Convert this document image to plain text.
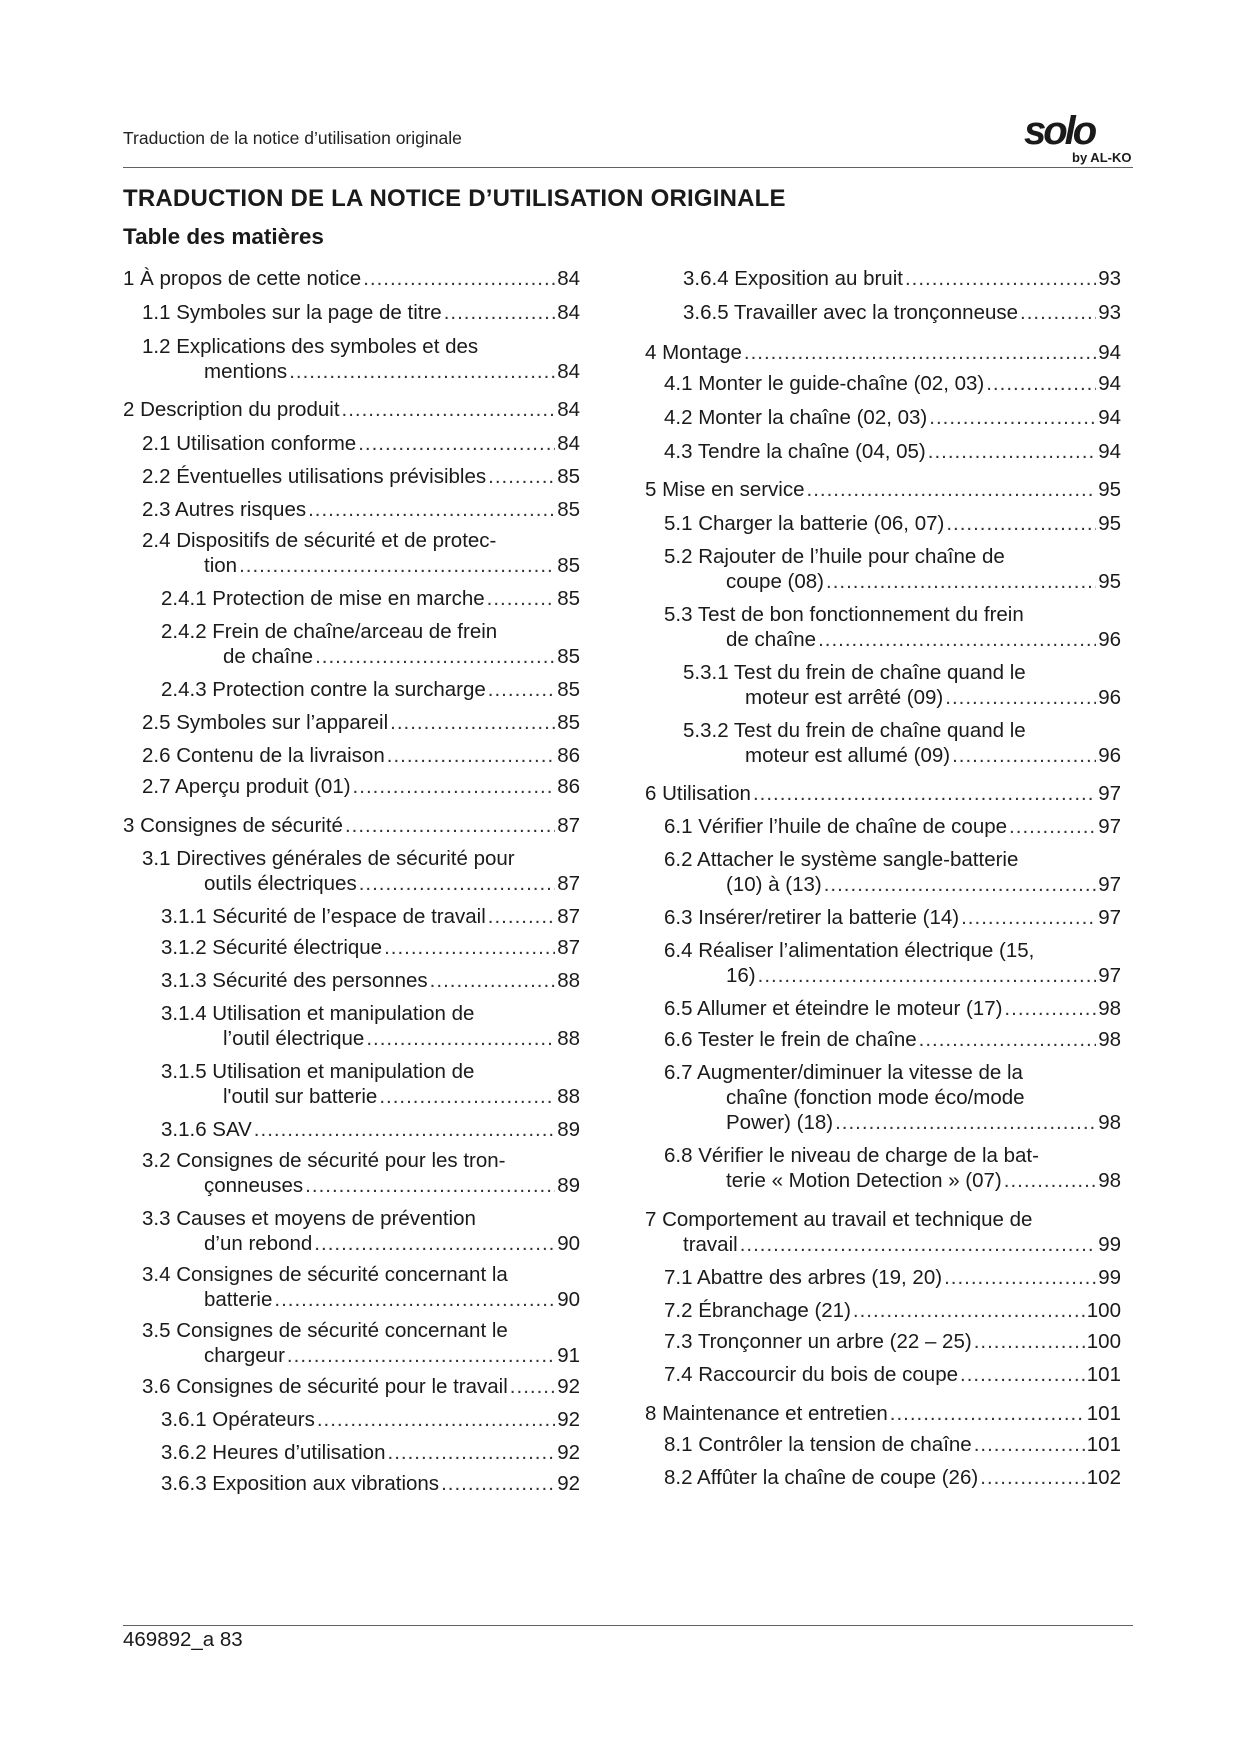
Traduction de la notice d’utilisation originale	solo
by AL-KO
TRADUCTION DE LA NOTICE D’UTILISATION ORIGINALE
Table des matières
1 À propos de cette notice .....	84
1.1 Symboles sur la page de titre .....	84
1.2 Explications des symboles et des
mentions .....	84
2 Description du produit .....	84
2.1 Utilisation conforme .....	84
2.2 Éventuelles utilisations prévisibles .....	85
2.3 Autres risques .....	85
2.4 Dispositifs de sécurité et de protec-
tion .....	85
2.4.1 Protection de mise en marche .....	85
2.4.2 Frein de chaîne/arceau de frein
de chaîne .....	85
2.4.3 Protection contre la surcharge .....	85
2.5 Symboles sur l’appareil .....	85
2.6 Contenu de la livraison .....	86
2.7 Aperçu produit (01) .....	86
3 Consignes de sécurité .....	87
3.1 Directives générales de sécurité pour
outils électriques .....	87
3.1.1 Sécurité de l’espace de travail .....	87
3.1.2 Sécurité électrique .....	87
3.1.3 Sécurité des personnes .....	88
3.1.4 Utilisation et manipulation de
l’outil électrique .....	88
3.1.5 Utilisation et manipulation de
l'outil sur batterie .....	88
3.1.6 SAV .....	89
3.2 Consignes de sécurité pour les tron-
çonneuses .....	89
3.3 Causes et moyens de prévention
d’un rebond .....	90
3.4 Consignes de sécurité concernant la
batterie .....	90
3.5 Consignes de sécurité concernant le
chargeur .....	91
3.6 Consignes de sécurité pour le travail ..... 92
3.6.1 Opérateurs .....	92
3.6.2 Heures d’utilisation .....	92
3.6.3 Exposition aux vibrations .....	92
3.6.4 Exposition au bruit .....	93
3.6.5 Travailler avec la tronçonneuse .....	93
4 Montage .....	94
4.1 Monter le guide-chaîne (02, 03) .....	94
4.2 Monter la chaîne (02, 03) .....	94
4.3 Tendre la chaîne (04, 05) .....	94
5 Mise en service .....	95
5.1 Charger la batterie (06, 07) .....	95
5.2 Rajouter de l’huile pour chaîne de
coupe (08) .....	95
5.3 Test de bon fonctionnement du frein
de chaîne .....	96
5.3.1 Test du frein de chaîne quand le
moteur est arrêté (09) .....	96
5.3.2 Test du frein de chaîne quand le
moteur est allumé (09) .....	96
6 Utilisation .....	97
6.1 Vérifier l’huile de chaîne de coupe .....	97
6.2 Attacher le système sangle-batterie
(10) à (13) .....	97
6.3 Insérer/retirer la batterie (14) .....	97
6.4 Réaliser l’alimentation électrique (15,
16) .....	97
6.5 Allumer et éteindre le moteur (17) .....	98
6.6 Tester le frein de chaîne .....	98
6.7 Augmenter/diminuer la vitesse de la
chaîne (fonction mode éco/mode
Power) (18) .....	98
6.8 Vérifier le niveau de charge de la bat-
terie « Motion Detection » (07) .....	98
7 Comportement au travail et technique de
travail .....	99
7.1 Abattre des arbres (19, 20) .....	99
7.2 Ébranchage (21) .....	100
7.3 Tronçonner un arbre (22 – 25) .....	100
7.4 Raccourcir du bois de coupe .....	101
8 Maintenance et entretien .....	101
8.1 Contrôler la tension de chaîne .....	101
8.2 Affûter la chaîne de coupe (26) .....	102
469892_a 83
